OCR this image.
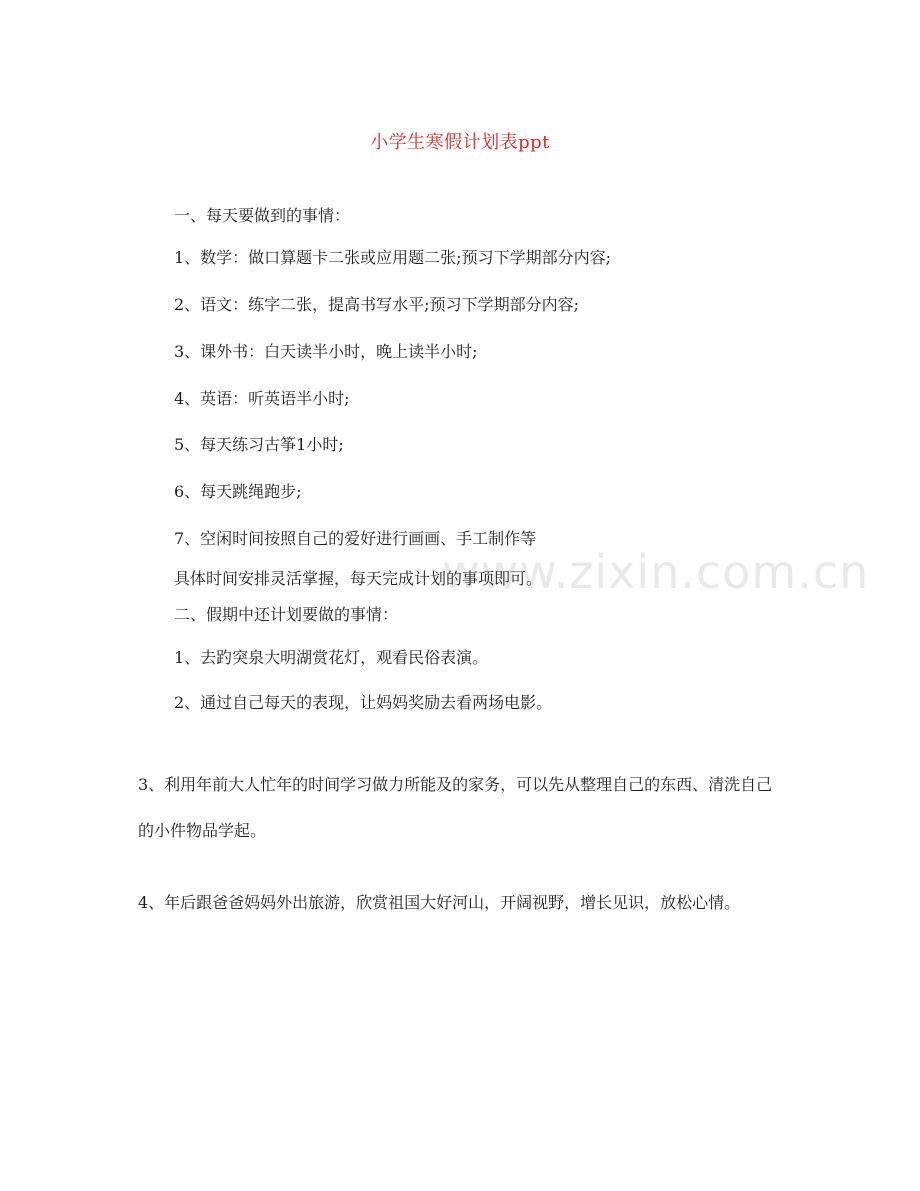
www.zixin.com.cn
小学生寒假计划表ppt
一、每天要做到的事情：
1、数学：做口算题卡二张或应用题二张;预习下学期部分内容;
2、语文：练字二张，提高书写水平;预习下学期部分内容;
3、课外书：白天读半小时，晚上读半小时;
4、英语：听英语半小时;
5、每天练习古筝1小时;
6、每天跳绳跑步;
7、空闲时间按照自己的爱好进行画画、手工制作等
具体时间安排灵活掌握，每天完成计划的事项即可。
二、假期中还计划要做的事情：
1、去趵突泉大明湖赏花灯，观看民俗表演。
2、通过自己每天的表现，让妈妈奖励去看两场电影。
3、利用年前大人忙年的时间学习做力所能及的家务，可以先从整理自己的东西、清洗自己的小件物品学起。
4、年后跟爸爸妈妈外出旅游，欣赏祖国大好河山，开阔视野，增长见识，放松心情。
